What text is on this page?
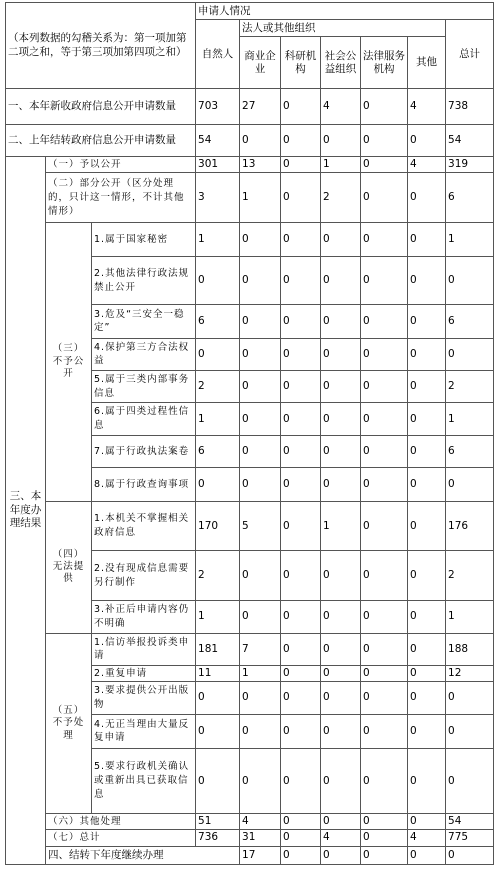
（本列数据的勾稽关系为：第一项加第二项之和，等于第三项加第四项之和）			申请人情况							
			自然人	法人或其他组织					总计	
				商业企业	科研机构	社会公益组织	法律服务机构	其他		
一、本年新收政府信息公开申请数量			703	27	0	4	0	4	738	
二、上年结转政府信息公开申请数量			54	0	0	0	0	0	54	
三、本年度办理结果	（一）予以公开		301	13	0	1	0	4	319	
	（二）部分公开（区分处理的，只计这一情形，不计其他情形）		3	1	0	2	0	0	6	
	（三）不予公开	1.属于国家秘密	1	0	0	0	0	0	1	
		2.其他法律行政法规禁止公开	0	0	0	0	0	0	0	
		3.危及“三安全一稳定”	6	0	0	0	0	0	6	
		4.保护第三方合法权益	0	0	0	0	0	0	0	
		5.属于三类内部事务信息	2	0	0	0	0	0	2	
		6.属于四类过程性信息	1	0	0	0	0	0	1	
		7.属于行政执法案卷	6	0	0	0	0	0	6	
		8.属于行政查询事项	0	0	0	0	0	0	0	
	（四）无法提供	1.本机关不掌握相关政府信息	170	5	0	1	0	0	176	
		2.没有现成信息需要另行制作	2	0	0	0	0	0	2	
		3.补正后申请内容仍不明确	1	0	0	0	0	0	1	
	（五）不予处理	1.信访举报投诉类申请	181	7	0	0	0	0	188	
		2.重复申请	11	1	0	0	0	0	12	
		3.要求提供公开出版物	0	0	0	0	0	0	0	
		4.无正当理由大量反复申请	0	0	0	0	0	0	0	
		5.要求行政机关确认或重新出具已获取信息	0	0	0	0	0	0	0	
	（六）其他处理		51	4	0	0	0	0	54	
	（七）总计		736	31	0	4	0	4	775	
	四、结转下年度继续办理			17	0	0	0	0	0	
